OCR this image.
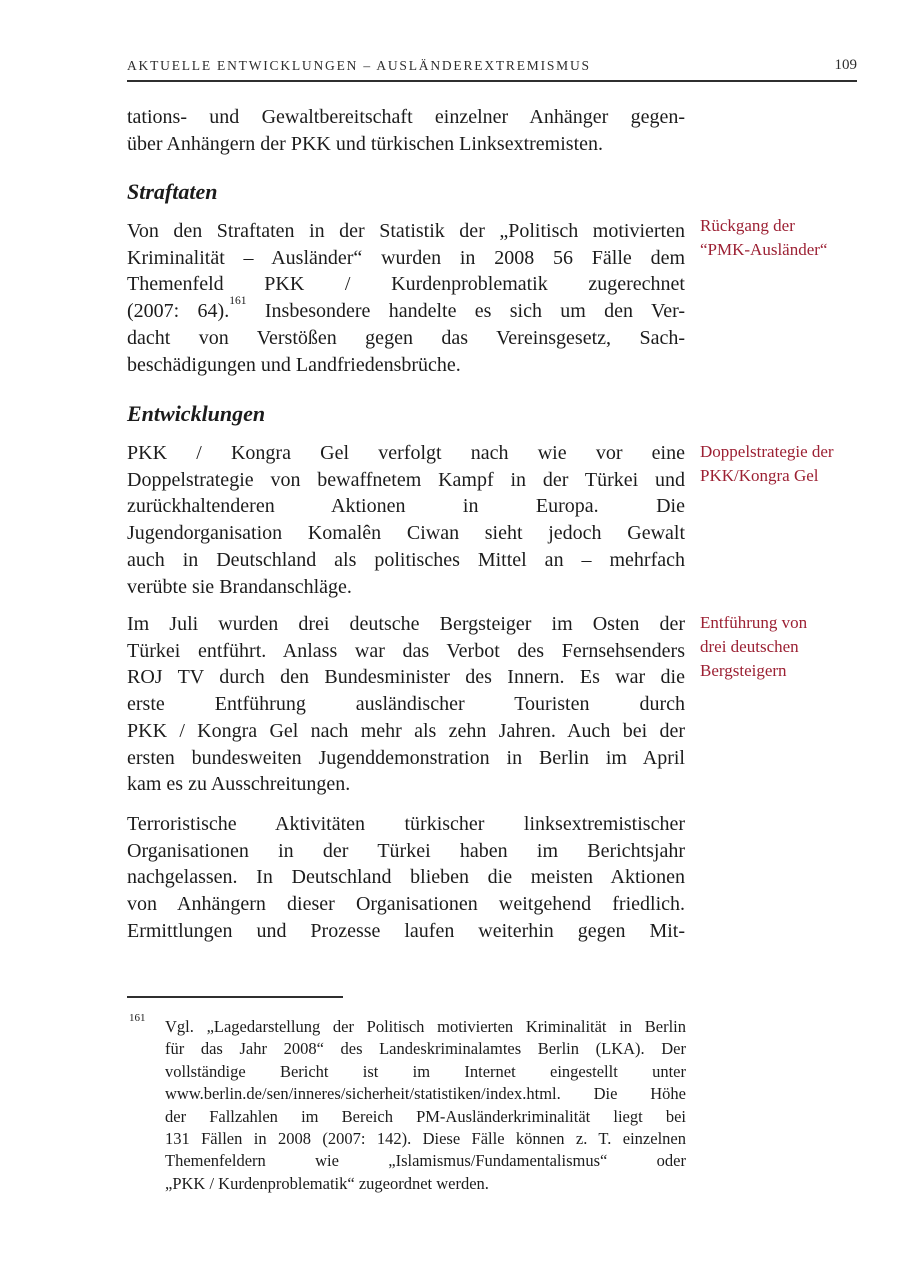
AKTUELLE ENTWICKLUNGEN – AUSLÄNDEREXTREMISMUS	109
tations- und Gewaltbereitschaft einzelner Anhänger gegen-
über Anhängern der PKK und türkischen Linksextremisten.
Straftaten
Von den Straftaten in der Statistik der „Politisch motivierten
Kriminalität – Ausländer“ wurden in 2008 56 Fälle dem
Themenfeld PKK / Kurdenproblematik zugerechnet
(2007: 64).$^{161}$ Insbesondere handelte es sich um den Ver-
dacht von Verstößen gegen das Vereinsgesetz, Sach-
beschädigungen und Landfriedensbrüche.
Rückgang der
“PMK-Ausländer“
Entwicklungen
PKK / Kongra Gel verfolgt nach wie vor eine
Doppelstrategie von bewaffnetem Kampf in der Türkei und
zurückhaltenderen Aktionen in Europa. Die
Jugendorganisation Komalên Ciwan sieht jedoch Gewalt
auch in Deutschland als politisches Mittel an – mehrfach
verübte sie Brandanschläge.
Doppelstrategie der
PKK/Kongra Gel
Im Juli wurden drei deutsche Bergsteiger im Osten der
Türkei entführt. Anlass war das Verbot des Fernsehsenders
ROJ TV durch den Bundesminister des Innern. Es war die
erste Entführung ausländischer Touristen durch
PKK / Kongra Gel nach mehr als zehn Jahren. Auch bei der
ersten bundesweiten Jugenddemonstration in Berlin im April
kam es zu Ausschreitungen.
Entführung von
drei deutschen
Bergsteigern
Terroristische Aktivitäten türkischer linksextremistischer
Organisationen in der Türkei haben im Berichtsjahr
nachgelassen. In Deutschland blieben die meisten Aktionen
von Anhängern dieser Organisationen weitgehend friedlich.
Ermittlungen und Prozesse laufen weiterhin gegen Mit-
161 Vgl. „Lagedarstellung der Politisch motivierten Kriminalität in Berlin
für das Jahr 2008“ des Landeskriminalamtes Berlin (LKA). Der
vollständige Bericht ist im Internet eingestellt unter
www.berlin.de/sen/inneres/sicherheit/statistiken/index.html. Die Höhe
der Fallzahlen im Bereich PM-Ausländerkriminalität liegt bei
131 Fällen in 2008 (2007: 142). Diese Fälle können z. T. einzelnen
Themenfeldern wie „Islamismus/Fundamentalismus“ oder
„PKK / Kurdenproblematik“ zugeordnet werden.
